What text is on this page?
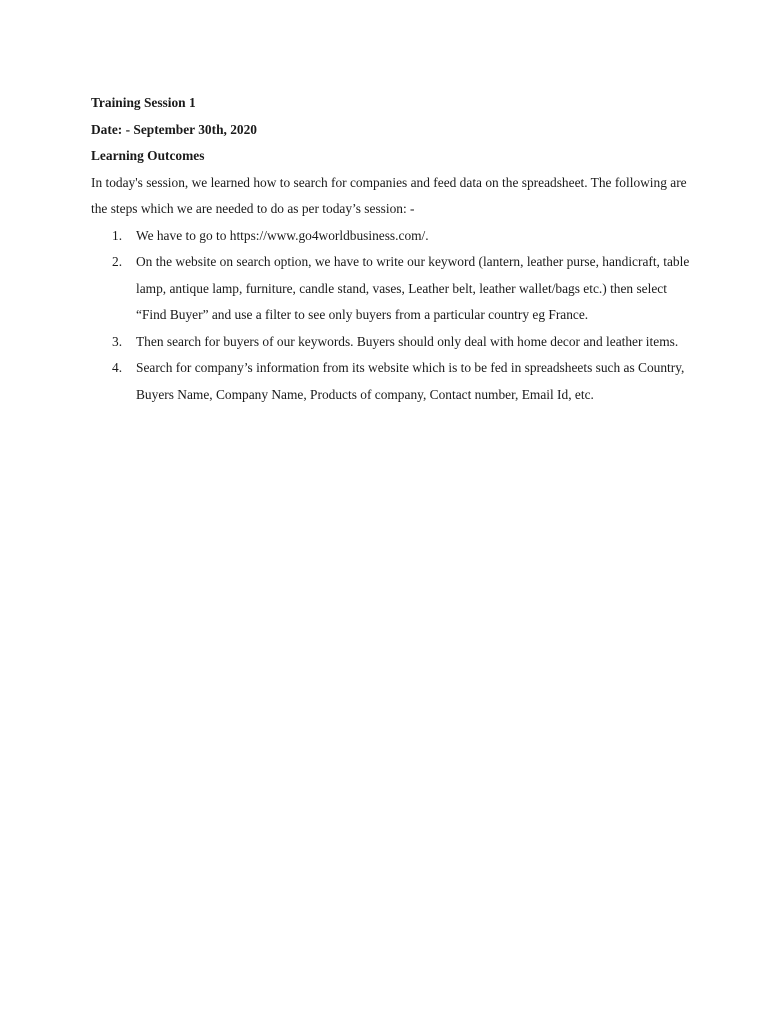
Training Session 1

Date: - September 30th, 2020

Learning Outcomes

In today's session, we learned how to search for companies and feed data on the spreadsheet. The following are the steps which we are needed to do as per today’s session: -

1. We have to go to https://www.go4worldbusiness.com/.
2. On the website on search option, we have to write our keyword (lantern, leather purse, handicraft, table lamp, antique lamp, furniture, candle stand, vases, Leather belt, leather wallet/bags etc.) then select “Find Buyer” and use a filter to see only buyers from a particular country eg France.
3. Then search for buyers of our keywords. Buyers should only deal with home decor and leather items.
4. Search for company’s information from its website which is to be fed in spreadsheets such as Country, Buyers Name, Company Name, Products of company, Contact number, Email Id, etc.
